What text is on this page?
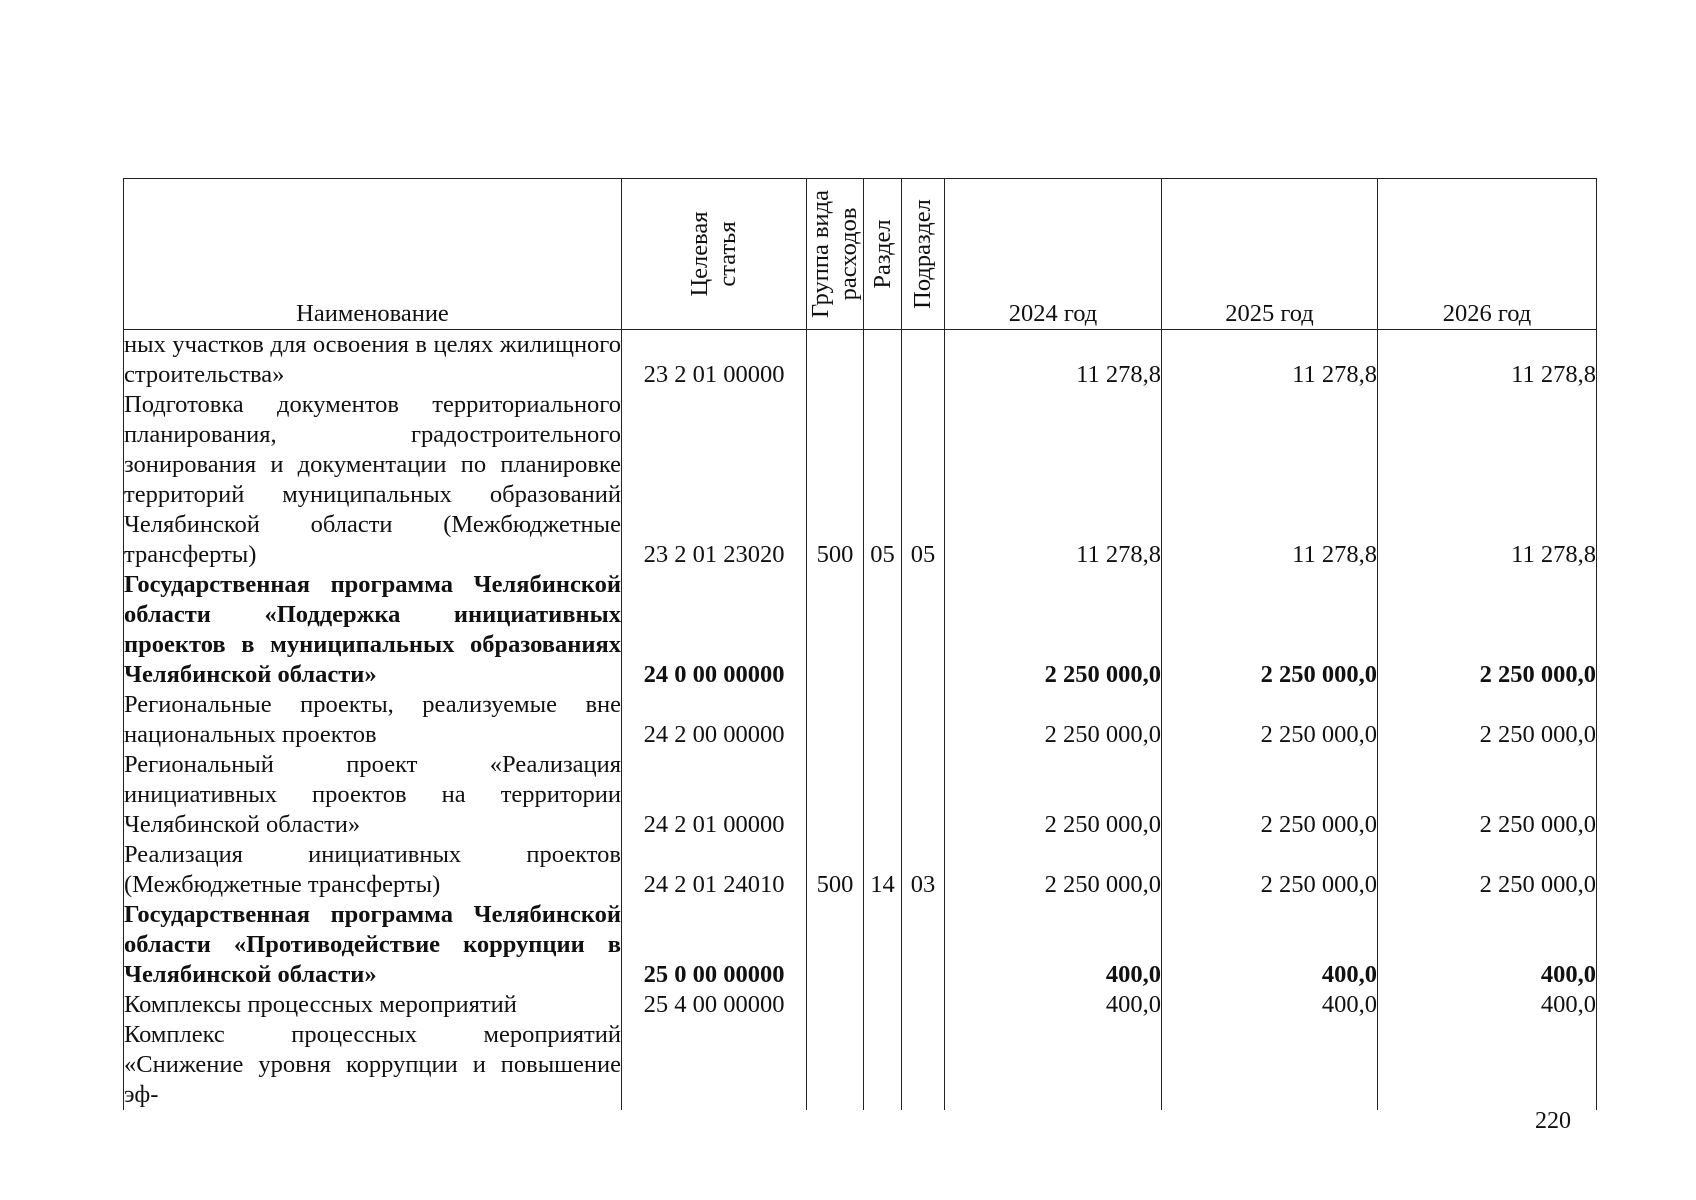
Наименование	Целевая статья	Группа вида расходов	Раздел	Подраздел	2024 год	2025 год	2026 год
ных участков для освоения в целях жилищного строительства»	23 2 01 00000				11 278,8	11 278,8	11 278,8
Подготовка документов территориального планирования, градостроительного зонирования и документации по планировке территорий муниципальных образований Челябинской области (Межбюджетные трансферты)	23 2 01 23020	500	05	05	11 278,8	11 278,8	11 278,8
Государственная программа Челябинской области «Поддержка инициативных проектов в муниципальных образованиях Челябинской области»	24 0 00 00000				2 250 000,0	2 250 000,0	2 250 000,0
Региональные проекты, реализуемые вне национальных проектов	24 2 00 00000				2 250 000,0	2 250 000,0	2 250 000,0
Региональный проект «Реализация инициативных проектов на территории Челябинской области»	24 2 01 00000				2 250 000,0	2 250 000,0	2 250 000,0
Реализация инициативных проектов (Межбюджетные трансферты)	24 2 01 24010	500	14	03	2 250 000,0	2 250 000,0	2 250 000,0
Государственная программа Челябинской области «Противодействие коррупции в Челябинской области»	25 0 00 00000				400,0	400,0	400,0
Комплексы процессных мероприятий	25 4 00 00000				400,0	400,0	400,0
Комплекс процессных мероприятий «Снижение уровня коррупции и повышение эф-							
220
